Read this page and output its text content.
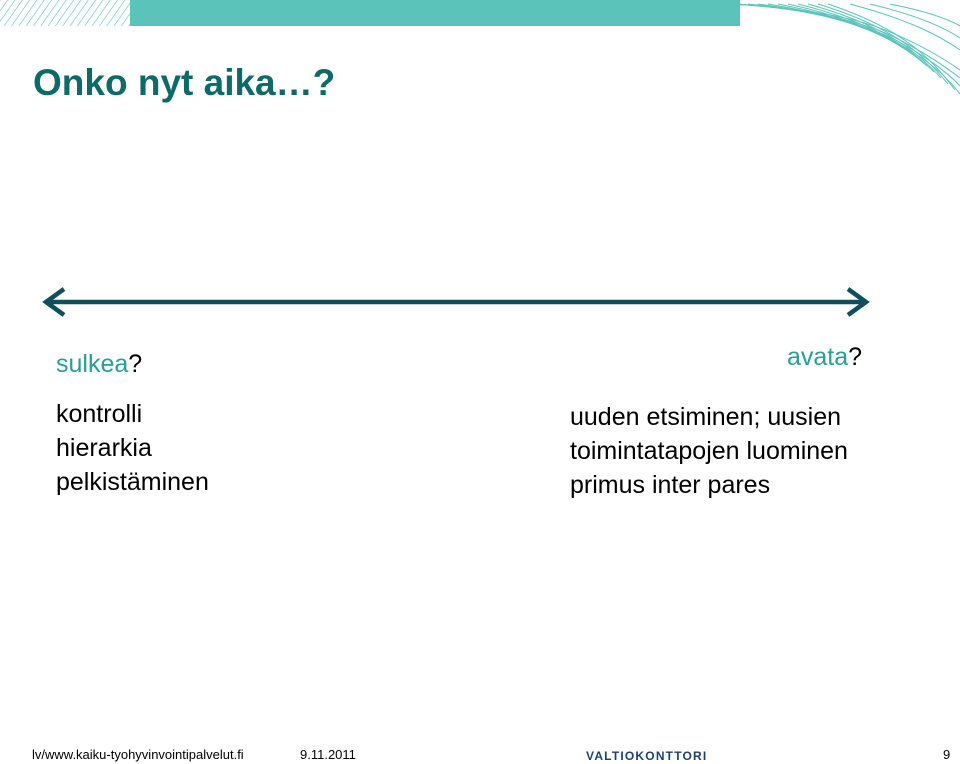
Onko nyt aika…?
sulkea?	avata?
kontrolli
hierarkia
pelkistäminen
uuden etsiminen; uusien
toimintatapojen luominen
primus inter pares
lv/www.kaiku-tyohyvinvointipalvelut.fi	9.11.2011	VALTIOKONTTORI	9
